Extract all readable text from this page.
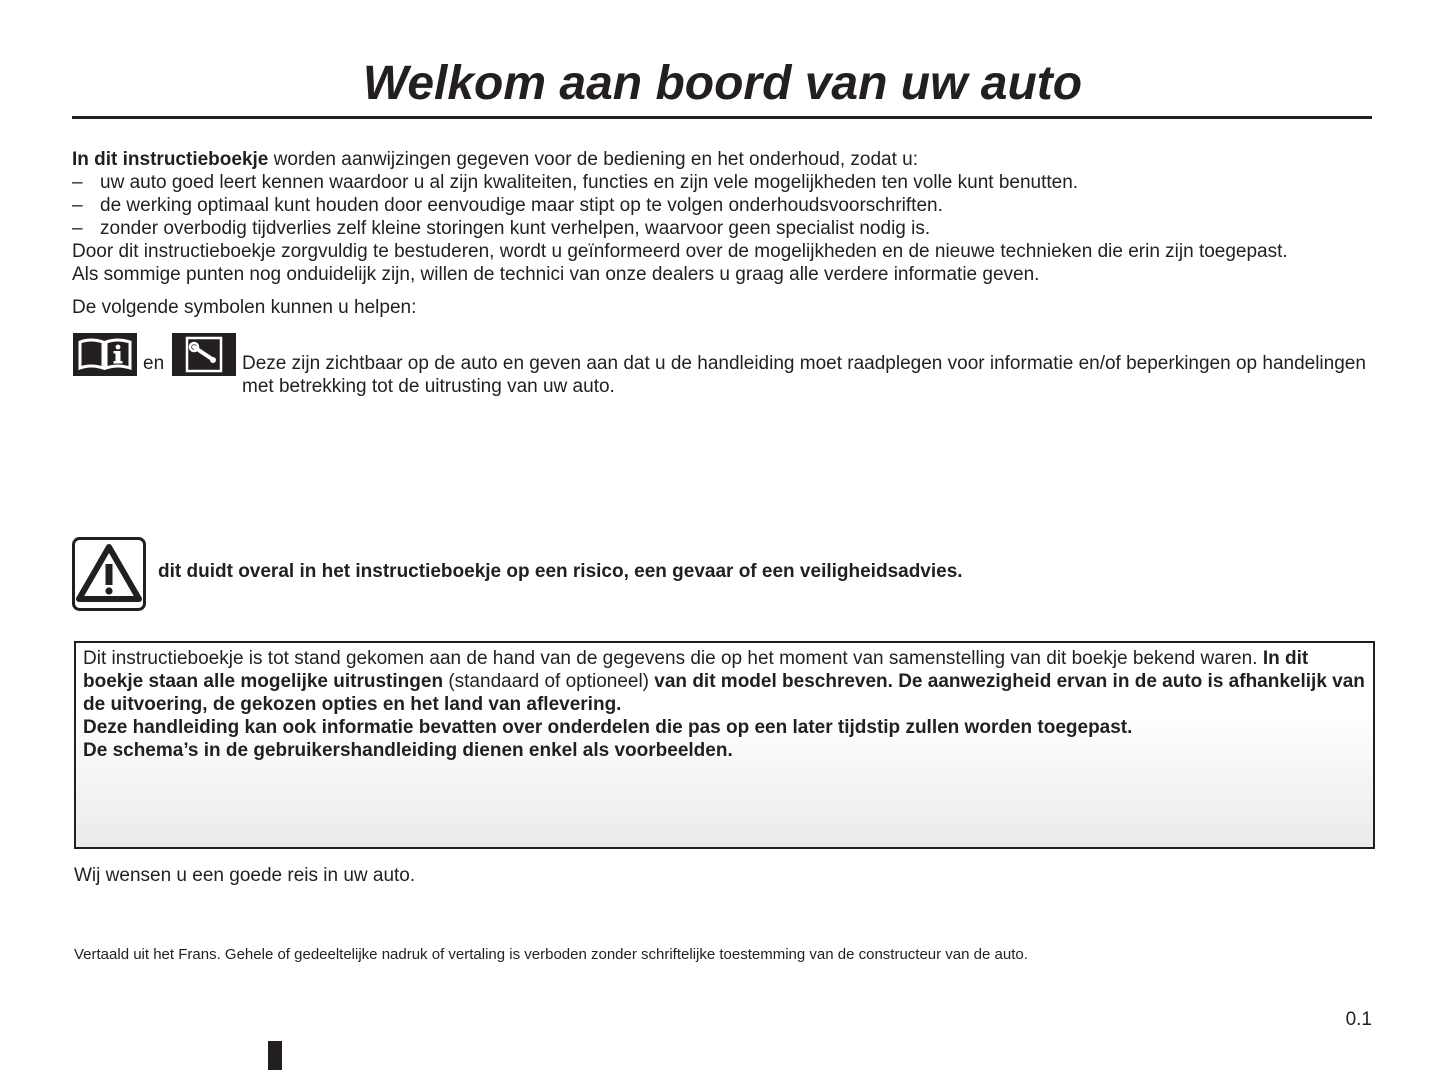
Welkom aan boord van uw auto

In dit instructieboekje worden aanwijzingen gegeven voor de bediening en het onderhoud, zodat u:

– uw auto goed leert kennen waardoor u al zijn kwaliteiten, functies en zijn vele mogelijkheden ten volle kunt benutten.

– de werking optimaal kunt houden door eenvoudige maar stipt op te volgen onderhoudsvoorschriften.

– zonder overbodig tijdverlies zelf kleine storingen kunt verhelpen, waarvoor geen specialist nodig is.

Door dit instructieboekje zorgvuldig te bestuderen, wordt u geïnformeerd over de mogelijkheden en de nieuwe technieken die erin zijn toegepast.

Als sommige punten nog onduidelijk zijn, willen de technici van onze dealers u graag alle verdere informatie geven.

De volgende symbolen kunnen u helpen:
en	Deze zijn zichtbaar op de auto en geven aan dat u de handleiding moet raadplegen voor informatie en/of beperkingen op handelingen met betrekking tot de uitrusting van uw auto.
dit duidt overal in het instructieboekje op een risico, een gevaar of een veiligheidsadvies.

Dit instructieboekje is tot stand gekomen aan de hand van de gegevens die op het moment van samenstelling van dit boekje bekend waren. In dit boekje staan alle mogelijke uitrustingen (standaard of optioneel) van dit model beschreven. De aanwezigheid ervan in de auto is afhankelijk van de uitvoering, de gekozen opties en het land van aflevering.

Deze handleiding kan ook informatie bevatten over onderdelen die pas op een later tijdstip zullen worden toegepast.

De schema’s in de gebruikershandleiding dienen enkel als voorbeelden.

Wij wensen u een goede reis in uw auto.
Vertaald uit het Frans. Gehele of gedeeltelijke nadruk of vertaling is verboden zonder schriftelijke toestemming van de constructeur van de auto.
0.1
